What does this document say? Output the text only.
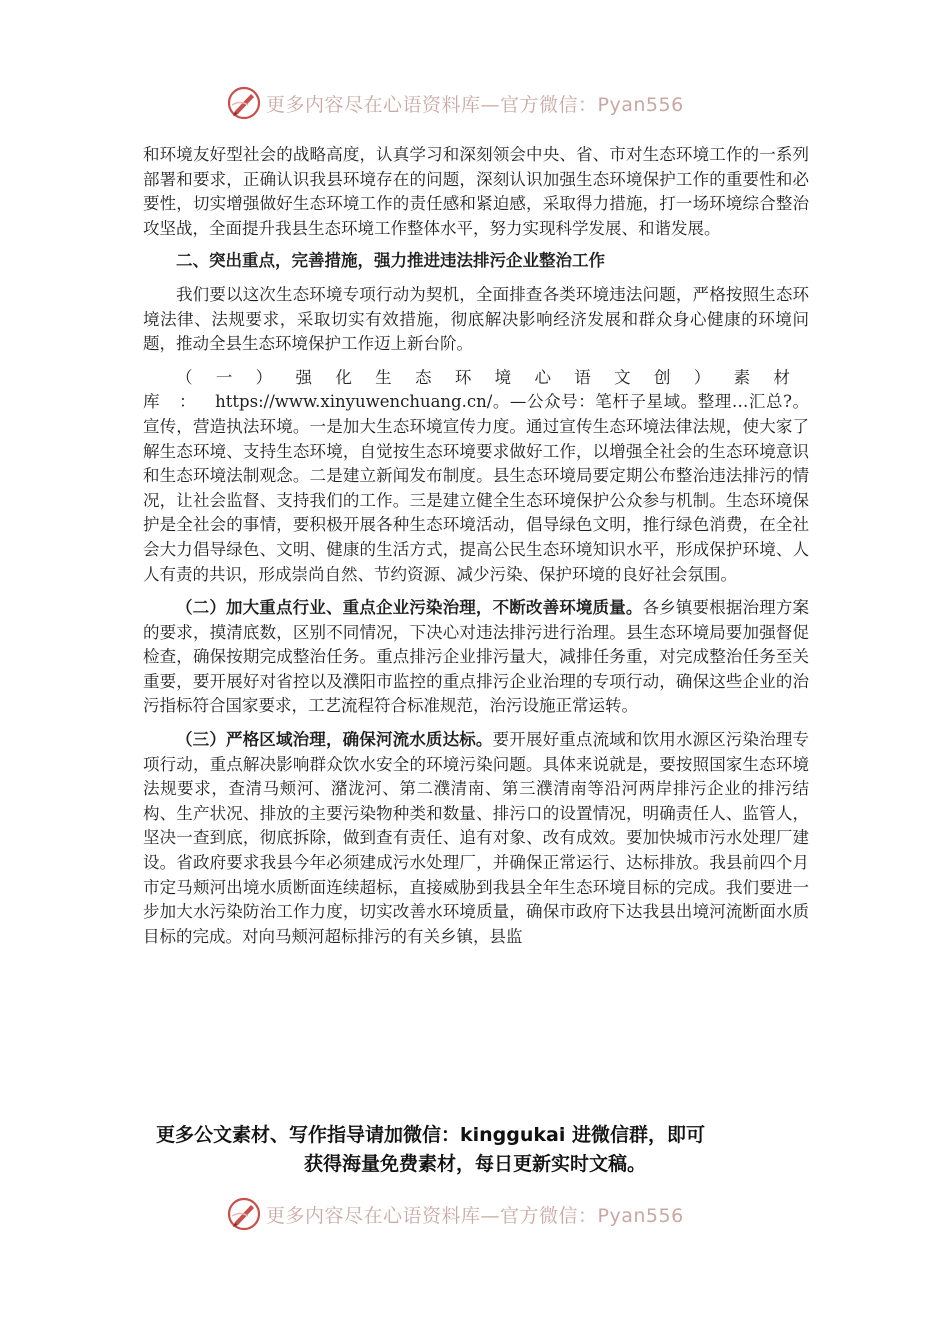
更多内容尽在心语资料库—官方微信：Pyan556

和环境友好型社会的战略高度，认真学习和深刻领会中央、省、市对生态环境工作的一系列部署和要求，正确认识我县环境存在的问题，深刻认识加强生态环境保护工作的重要性和必要性，切实增强做好生态环境工作的责任感和紧迫感，采取得力措施，打一场环境综合整治攻坚战，全面提升我县生态环境工作整体水平，努力实现科学发展、和谐发展。

二、突出重点，完善措施，强力推进违法排污企业整治工作

我们要以这次生态环境专项行动为契机，全面排查各类环境违法问题，严格按照生态环境法律、法规要求，采取切实有效措施，彻底解决影响经济发展和群众身心健康的环境问题，推动全县生态环境保护工作迈上新台阶。

（一）强化生态环境心语文创）素材库：https://www.xinyuwenchuang.cn/。—公众号：笔杆子星域。整理…汇总?。宣传，营造执法环境。一是加大生态环境宣传力度。通过宣传生态环境法律法规，使大家了解生态环境、支持生态环境，自觉按生态环境要求做好工作，以增强全社会的生态环境意识和生态环境法制观念。二是建立新闻发布制度。县生态环境局要定期公布整治违法排污的情况，让社会监督、支持我们的工作。三是建立健全生态环境保护公众参与机制。生态环境保护是全社会的事情，要积极开展各种生态环境活动，倡导绿色文明，推行绿色消费，在全社会大力倡导绿色、文明、健康的生活方式，提高公民生态环境知识水平，形成保护环境、人人有责的共识，形成崇尚自然、节约资源、减少污染、保护环境的良好社会氛围。

（二）加大重点行业、重点企业污染治理，不断改善环境质量。各乡镇要根据治理方案的要求，摸清底数，区别不同情况，下决心对违法排污进行治理。县生态环境局要加强督促检查，确保按期完成整治任务。重点排污企业排污量大，减排任务重，对完成整治任务至关重要，要开展好对省控以及濮阳市监控的重点排污企业治理的专项行动，确保这些企业的治污指标符合国家要求，工艺流程符合标准规范，治污设施正常运转。

（三）严格区域治理，确保河流水质达标。要开展好重点流域和饮用水源区污染治理专项行动，重点解决影响群众饮水安全的环境污染问题。具体来说就是，要按照国家生态环境法规要求，查清马颊河、潴泷河、第二濮清南、第三濮清南等沿河两岸排污企业的排污结构、生产状况、排放的主要污染物种类和数量、排污口的设置情况，明确责任人、监管人，坚决一查到底，彻底拆除，做到查有责任、追有对象、改有成效。要加快城市污水处理厂建设。省政府要求我县今年必须建成污水处理厂，并确保正常运行、达标排放。我县前四个月市定马颊河出境水质断面连续超标，直接威胁到我县全年生态环境目标的完成。我们要进一步加大水污染防治工作力度，切实改善水环境质量，确保市政府下达我县出境河流断面水质目标的完成。对向马颊河超标排污的有关乡镇，县监

更多公文素材、写作指导请加微信：kinggukai 进微信群，即可
获得海量免费素材，每日更新实时文稿。
更多内容尽在心语资料库—官方微信：Pyan556
